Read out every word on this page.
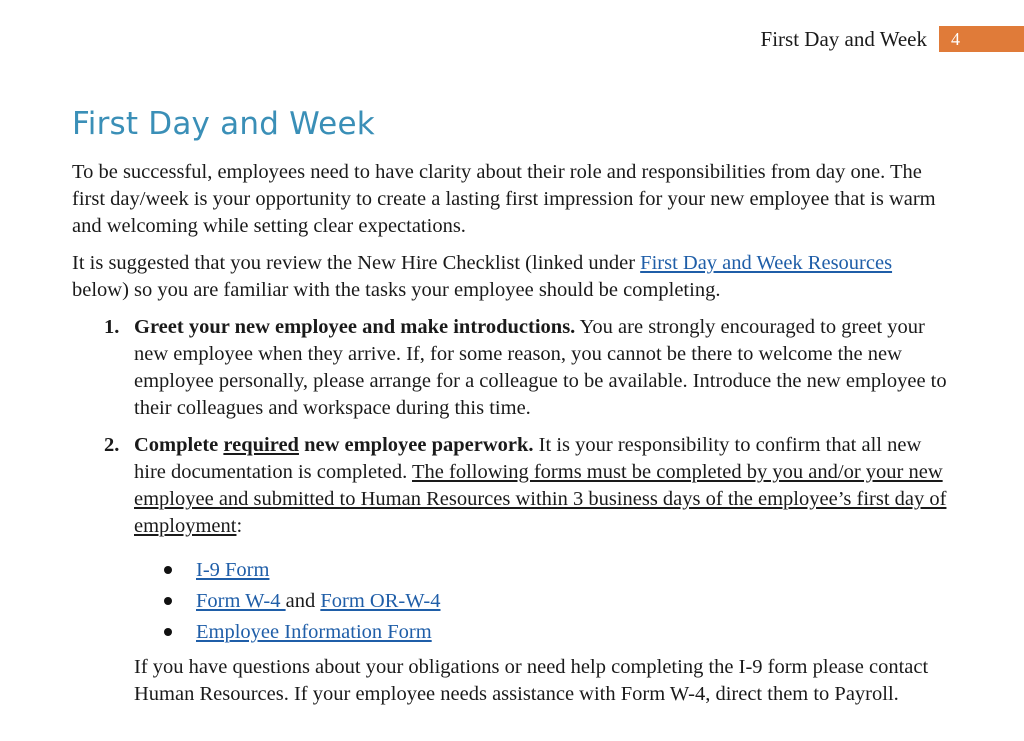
First Day and Week	4
First Day and Week

To be successful, employees need to have clarity about their role and responsibilities from day one. The first day/week is your opportunity to create a lasting first impression for your new employee that is warm and welcoming while setting clear expectations.

It is suggested that you review the New Hire Checklist (linked under First Day and Week Resources below) so you are familiar with the tasks your employee should be completing.

1. Greet your new employee and make introductions. You are strongly encouraged to greet your new employee when they arrive. If, for some reason, you cannot be there to welcome the new employee personally, please arrange for a colleague to be available. Introduce the new employee to their colleagues and workspace during this time.
2. Complete required new employee paperwork. It is your responsibility to confirm that all new hire documentation is completed. The following forms must be completed by you and/or your new employee and submitted to Human Resources within 3 business days of the employee’s first day of employment:
I-9 Form
Form W-4 and Form OR-W-4
Employee Information Form

If you have questions about your obligations or need help completing the I-9 form please contact Human Resources. If your employee needs assistance with Form W-4, direct them to Payroll.
